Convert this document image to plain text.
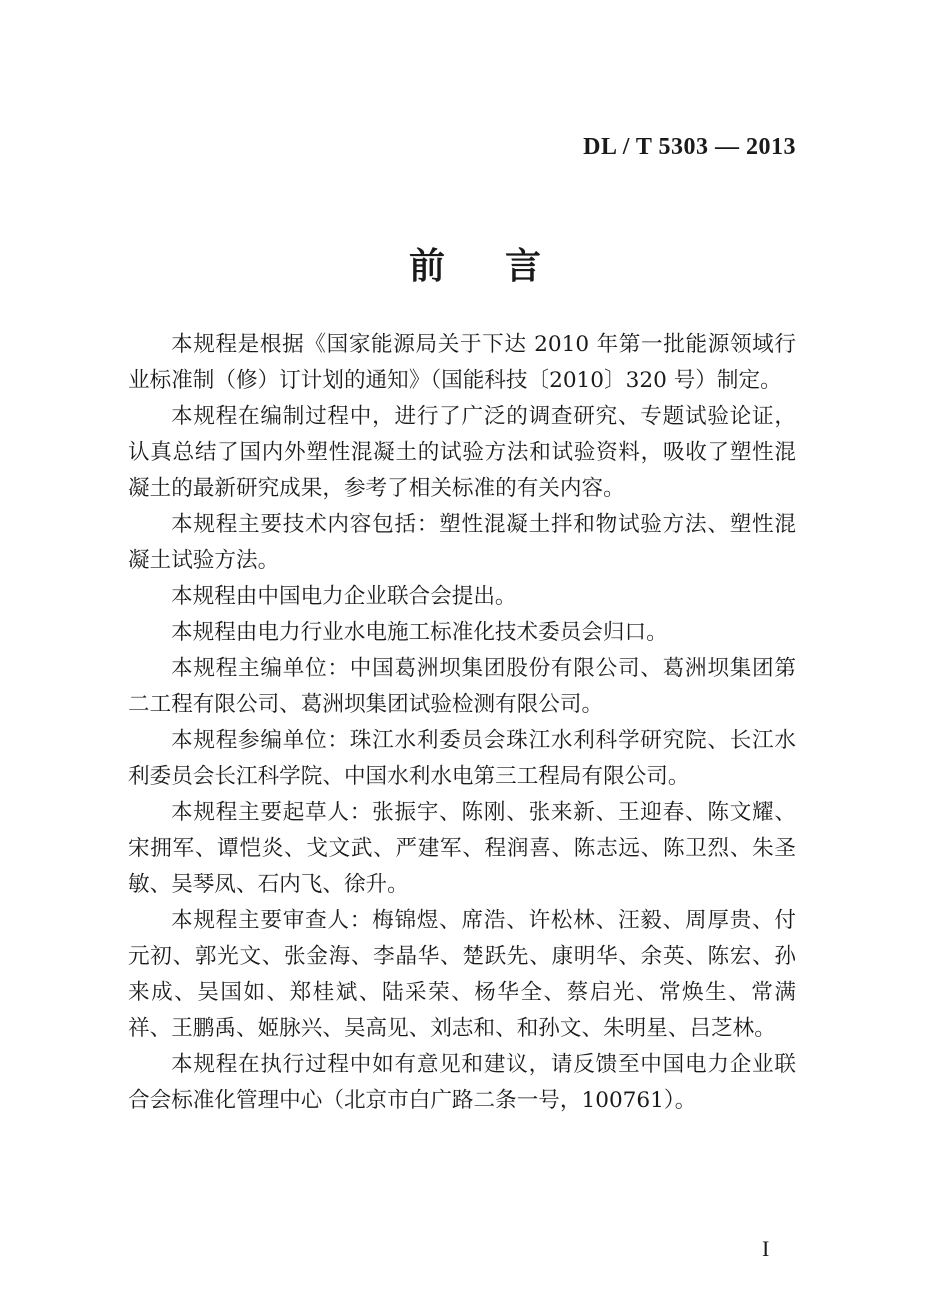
DL / T 5303 — 2013
前 言

本规程是根据《国家能源局关于下达 2010 年第一批能源领域行业标准制（修）订计划的通知》（国能科技〔2010〕320 号）制定。

本规程在编制过程中，进行了广泛的调查研究、专题试验论证，认真总结了国内外塑性混凝土的试验方法和试验资料，吸收了塑性混凝土的最新研究成果，参考了相关标准的有关内容。

本规程主要技术内容包括：塑性混凝土拌和物试验方法、塑性混凝土试验方法。

本规程由中国电力企业联合会提出。

本规程由电力行业水电施工标准化技术委员会归口。

本规程主编单位：中国葛洲坝集团股份有限公司、葛洲坝集团第二工程有限公司、葛洲坝集团试验检测有限公司。

本规程参编单位：珠江水利委员会珠江水利科学研究院、长江水利委员会长江科学院、中国水利水电第三工程局有限公司。

本规程主要起草人：张振宇、陈刚、张来新、王迎春、陈文耀、宋拥军、谭恺炎、戈文武、严建军、程润喜、陈志远、陈卫烈、朱圣敏、吴琴凤、石内飞、徐升。

本规程主要审查人：梅锦煜、席浩、许松林、汪毅、周厚贵、付元初、郭光文、张金海、李晶华、楚跃先、康明华、余英、陈宏、孙来成、吴国如、郑桂斌、陆采荣、杨华全、蔡启光、常焕生、常满祥、王鹏禹、姬脉兴、吴高见、刘志和、和孙文、朱明星、吕芝林。

本规程在执行过程中如有意见和建议，请反馈至中国电力企业联合会标准化管理中心（北京市白广路二条一号，100761）。

I
